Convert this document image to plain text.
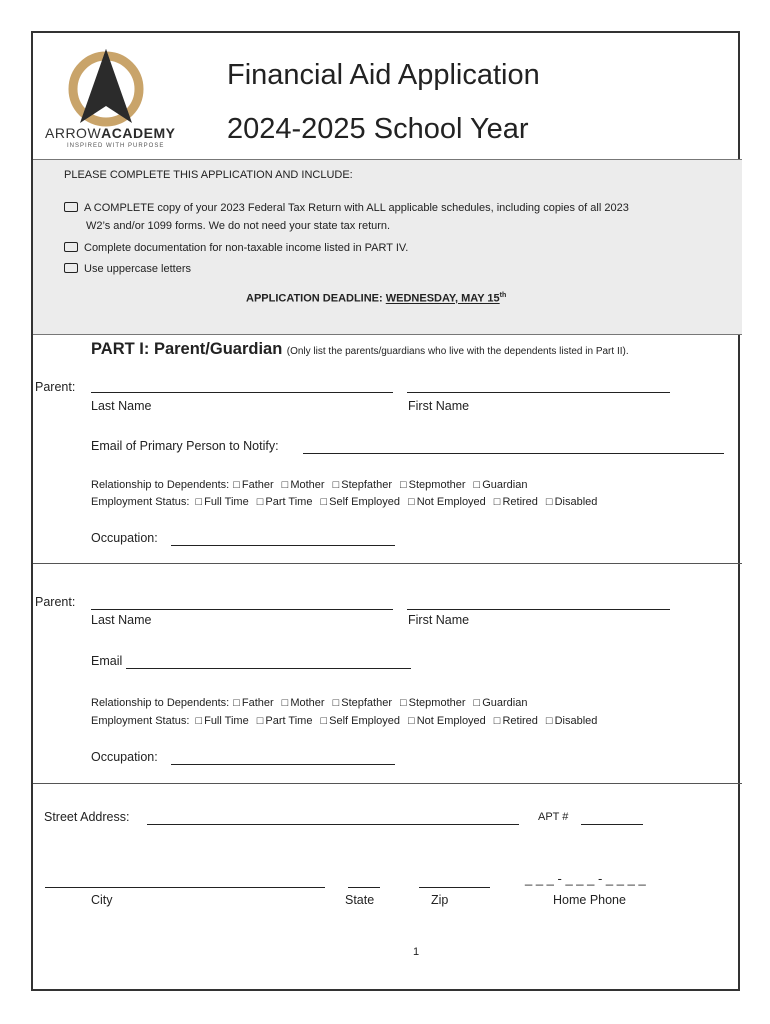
ARROWACADEMY
INSPIRED WITH PURPOSE
Financial Aid Application
2024-2025 School Year
PLEASE COMPLETE THIS APPLICATION AND INCLUDE:
A COMPLETE copy of your 2023 Federal Tax Return with ALL applicable schedules, including copies of all 2023
W2’s and/or 1099 forms. We do not need your state tax return.
Complete documentation for non-taxable income listed in PART IV.
Use uppercase letters
APPLICATION DEADLINE: WEDNESDAY, MAY 15th
PART I: Parent/Guardian (Only list the parents/guardians who live with the dependents listed in Part II).
Parent:
Last Name	First Name
Email of Primary Person to Notify:
Relationship to Dependents: □ Father □ Mother □ Stepfather □ Stepmother □ Guardian
Employment Status: □ Full Time □ Part Time □ Self Employed □ Not Employed □ Retired □ Disabled
Occupation:
Parent:
Last Name	First Name
Email
Relationship to Dependents: □ Father □ Mother □ Stepfather □ Stepmother □ Guardian
Employment Status: □ Full Time □ Part Time □ Self Employed □ Not Employed □ Retired □ Disabled
Occupation:
Street Address:	APT #
_ _ _ - _ _ _ - _ _ _ _
City	State	Zip	Home Phone
1
